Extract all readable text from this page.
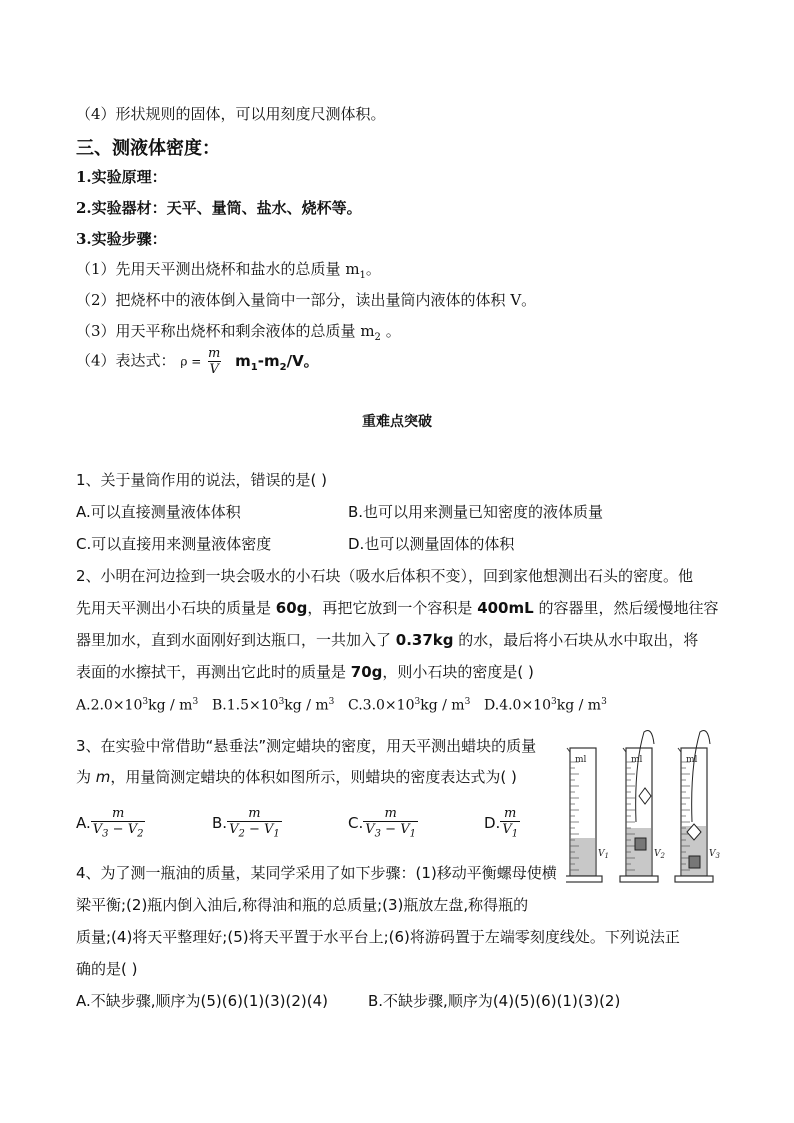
（4）形状规则的固体，可以用刻度尺测体积。
三、测液体密度：
1.实验原理：
2.实验器材：天平、量筒、盐水、烧杯等。
3.实验步骤：
（1）先用天平测出烧杯和盐水的总质量 $m_1$。
（2）把烧杯中的液体倒入量筒中一部分，读出量筒内液体的体积 V。
（3）用天平称出烧杯和剩余液体的总质量 $m_2$ 。
（4）表达式： $\rho = \frac{m}{V} m_1-m_2/V$。
重难点突破
1、关于量筒作用的说法，错误的是( )
A.可以直接测量液体体积	B.也可以用来测量已知密度的液体质量
C.可以直接用来测量液体密度	D.也可以测量固体的体积
2、小明在河边捡到一块会吸水的小石块（吸水后体积不变），回到家他想测出石头的密度。他
先用天平测出小石块的质量是 60g，再把它放到一个容积是 400mL 的容器里，然后缓慢地往容
器里加水，直到水面刚好到达瓶口，一共加入了 0.37kg 的水，最后将小石块从水中取出，将
表面的水擦拭干，再测出它此时的质量是 70g，则小石块的密度是( )
$A.2.0\times 10^3kg / m^3$ $B.1.5\times 10^3kg / m^3$ $C.3.0\times 10^3kg / m^3$ $D.4.0\times 10^3kg / m^3$
3、在实验中常借助“悬垂法”测定蜡块的密度，用天平测出蜡块的质量
为 m，用量筒测定蜡块的体积如图所示，则蜡块的密度表达式为( )
A. $\frac{m}{V_3 - V_2}$	B. $\frac{m}{V_2 - V_1}$	C. $\frac{m}{V_3 - V_1}$	D. $\frac{m}{V_1}$
ml
$V_1$
ml
$V_2$
ml
$V_3$
4、为了测一瓶油的质量，某同学采用了如下步骤：(1)移动平衡螺母使横
梁平衡;(2)瓶内倒入油后,称得油和瓶的总质量;(3)瓶放左盘,称得瓶的
质量;(4)将天平整理好;(5)将天平置于水平台上;(6)将游码置于左端零刻度线处。下列说法正
确的是( )
A.不缺步骤,顺序为(5)(6)(1)(3)(2)(4)	B.不缺步骤,顺序为(4)(5)(6)(1)(3)(2)
